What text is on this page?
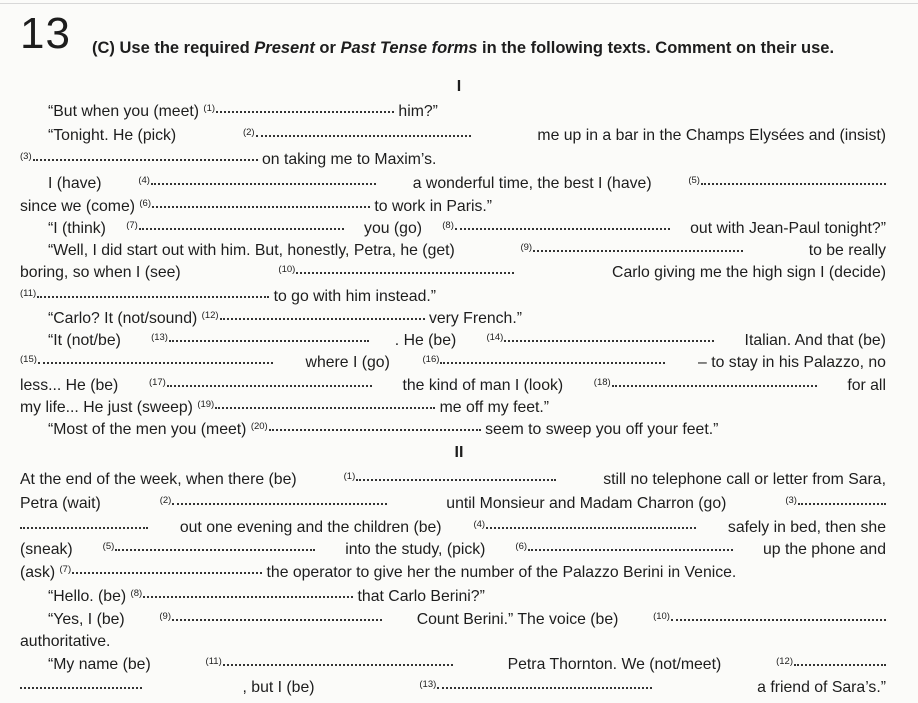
13 (C) Use the required Present or Past Tense forms in the following texts. Comment on their use.
I
II
“But when you (meet) (1)	him?”
“Tonight. He (pick)	(2)	me up in a bar in the Champs Elysées and (insist)
(3)	on taking me to Maxim’s.
I (have)	(4)	a wonderful time, the best I (have)	(5)
since we (come) (6)	to work in Paris.”
“I (think) (7)	you (go) (8)	out with Jean-Paul tonight?”
“Well, I did start out with him. But, honestly, Petra, he (get)	(9)	to be really
boring, so when I (see)	(10)	Carlo giving me the high sign I (decide)
(11)	to go with him instead.”
“Carlo? It (not/sound) (12)	very French.”
“It (not/be)	(13)	. He (be)	(14)	Italian. And that (be)
(15)	where I (go)	(16)	– to stay in his Palazzo, no
less... He (be)	(17)	the kind of man I (look)	(18)	for all
my life... He just (sweep) (19)	me off my feet.”
“Most of the men you (meet) (20)	seem to sweep you off your feet.”
At the end of the week, when there (be)	(1)	still no telephone call or letter from Sara,
Petra (wait)	(2)	until Monsieur and Madam Charron (go)	(3)
out one evening and the children (be)	(4)	safely in bed, then she
(sneak)	(5)	into the study, (pick)	(6)	up the phone and
(ask) (7)	the operator to give her the number of the Palazzo Berini in Venice.
“Hello. (be) (8)	that Carlo Berini?”
“Yes, I (be)	(9)	Count Berini.” The voice (be)	(10)
authoritative.
“My name (be)	(11)	Petra Thornton. We (not/meet)	(12)
, but I (be)	(13)	a friend of Sara’s.”
